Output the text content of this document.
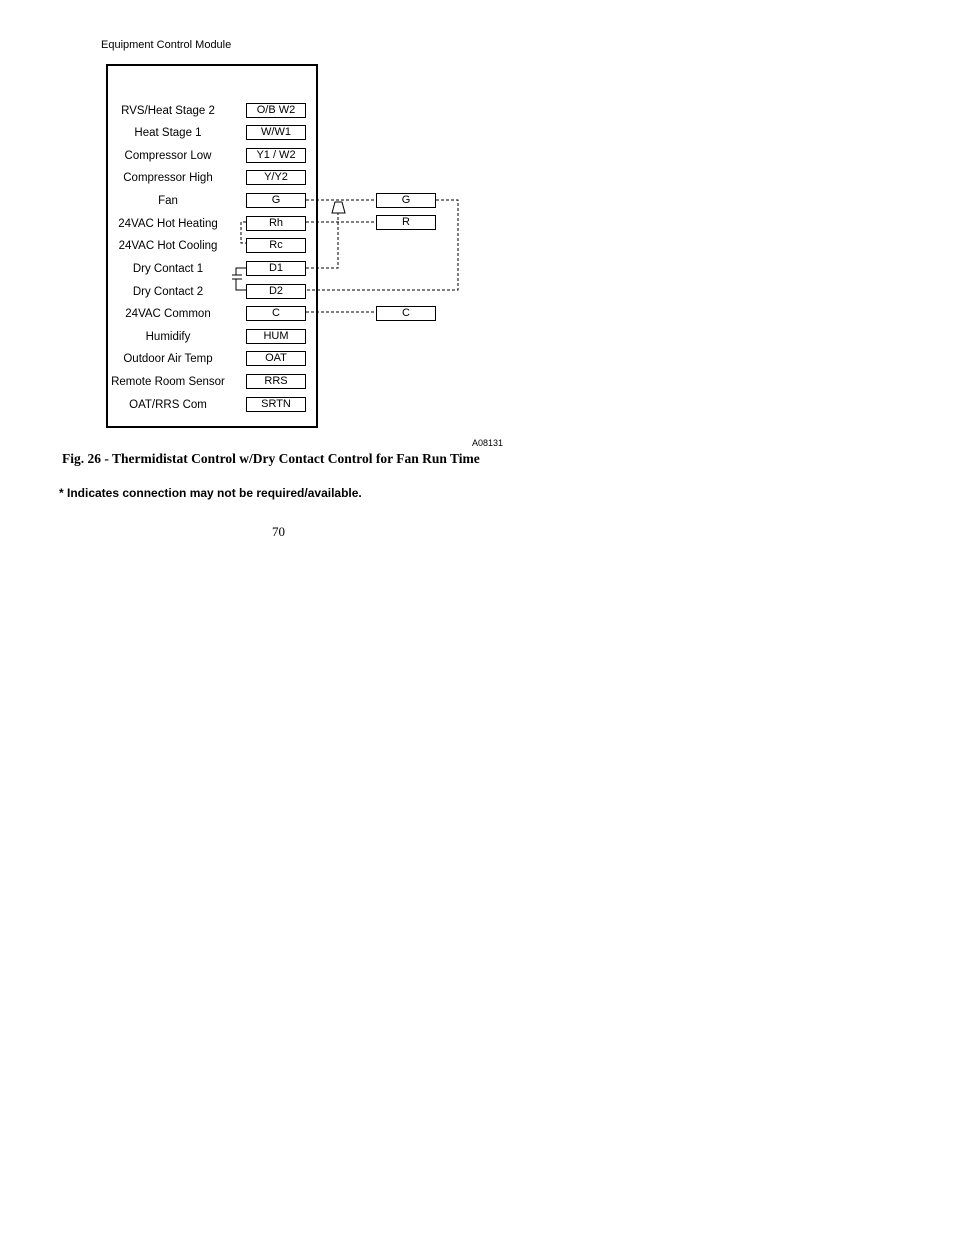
Equipment Control Module
RVS/Heat Stage 2
Heat Stage 1
Compressor Low
Compressor High
Fan
24VAC Hot Heating
24VAC Hot Cooling
Dry Contact 1
Dry Contact 2
24VAC Common
Humidify
Outdoor Air Temp
Remote Room Sensor
OAT/RRS Com
O/B W2
W/W1
Y1 / W2
Y/Y2
G
Rh
Rc
D1
D2
C
HUM
OAT
RRS
SRTN
G
R
C
A08131
Fig. 26 - Thermidistat Control w/Dry Contact Control for Fan Run Time
* Indicates connection may not be required/available.
70
